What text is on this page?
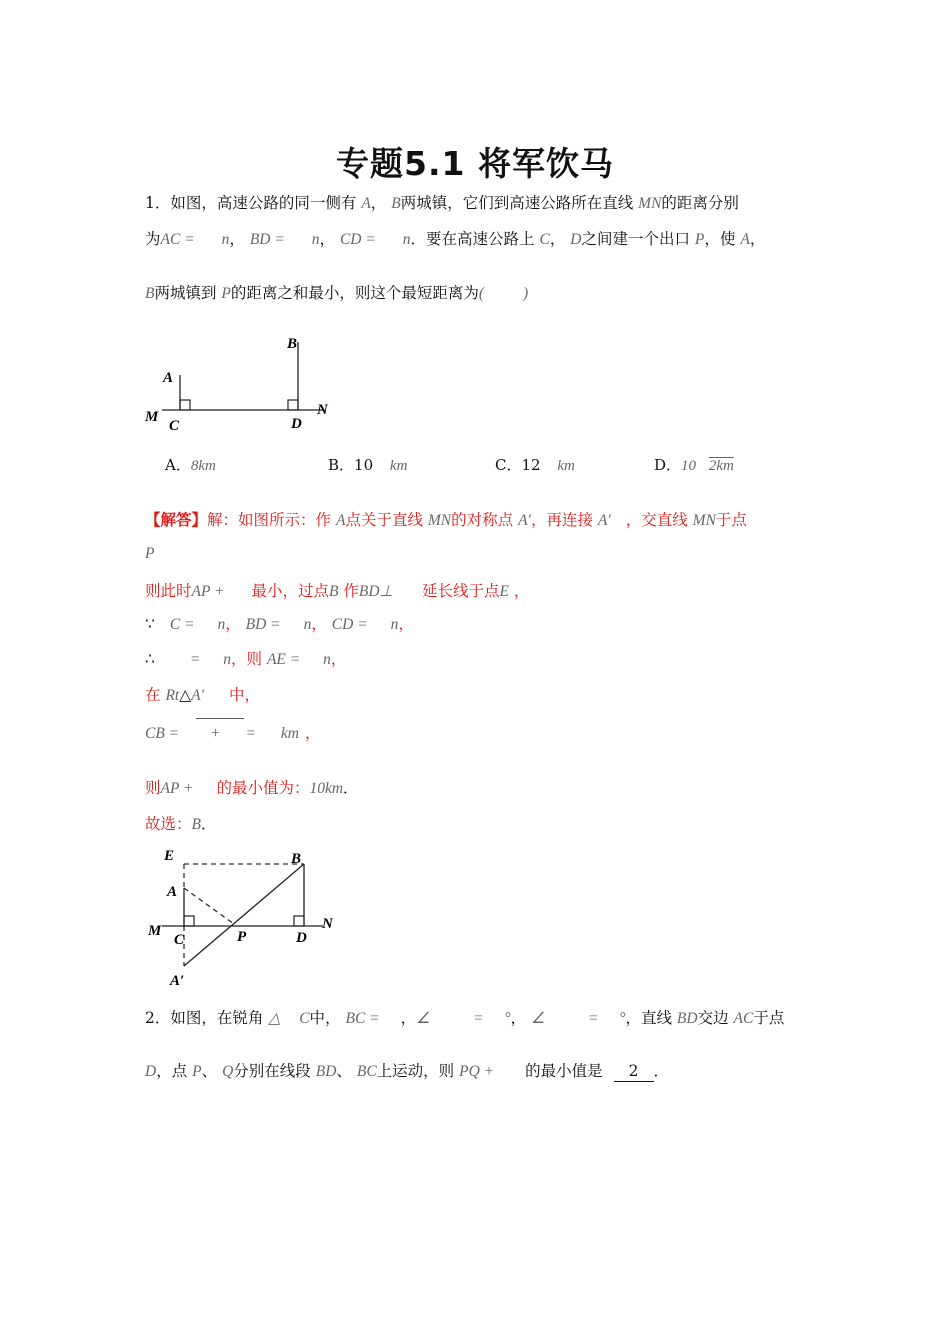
专题5.1 将军饮马
1．如图，高速公路的同一侧有 A， B两城镇，它们到高速公路所在直线 MN的距离分别
为AC = n， BD = n， CD = n．要在高速公路上 C， D之间建一个出口 P，使 A，
B两城镇到 P的距离之和最小，则这个最短距离为(	)
B
A
M
C	D
N
A．8km	B．10 km	C．12 km	D．10 2km
【解答】解：如图所示：作 A点关于直线 MN的对称点 A′，再连接 A′ ，交直线 MN于点
P
则此时AP + 最小，过点B 作BD⊥ 延长线于点E ，
∵ C = n， BD = n， CD = n，
∴ = n，则 AE = n，
在 Rt△A′ 中，
CB = + = km ，
则AP + 的最小值为：10km．
故选：B．
E	B
A
M
C	P	D
N
A′
2．如图，在锐角 △ C中， BC = ，∠	= °， ∠	= °，直线 BD交边 AC于点
D，点 P、 Q分别在线段 BD、 BC上运动，则 PQ + 的最小值是 2 ．
